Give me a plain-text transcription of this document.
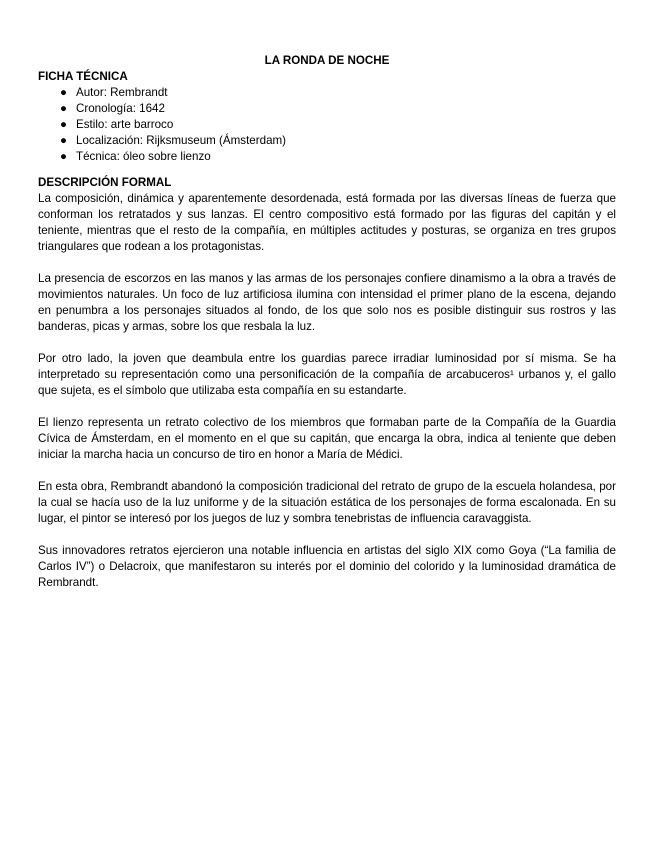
LA RONDA DE NOCHE

FICHA TÉCNICA

● Autor: Rembrandt
● Cronología: 1642
● Estilo: arte barroco
● Localización: Rijksmuseum (Ámsterdam)
● Técnica: óleo sobre lienzo

DESCRIPCIÓN FORMAL

La composición, dinámica y aparentemente desordenada, está formada por las diversas líneas de fuerza que conforman los retratados y sus lanzas. El centro compositivo está formado por las figuras del capitán y el teniente, mientras que el resto de la compañía, en múltiples actitudes y posturas, se organiza en tres grupos triangulares que rodean a los protagonistas.

La presencia de escorzos en las manos y las armas de los personajes confiere dinamismo a la obra a través de movimientos naturales. Un foco de luz artificiosa ilumina con intensidad el primer plano de la escena, dejando en penumbra a los personajes situados al fondo, de los que solo nos es posible distinguir sus rostros y las banderas, picas y armas, sobre los que resbala la luz.

Por otro lado, la joven que deambula entre los guardias parece irradiar luminosidad por sí misma. Se ha interpretado su representación como una personificación de la compañía de arcabuceros¹ urbanos y, el gallo que sujeta, es el símbolo que utilizaba esta compañía en su estandarte.

El lienzo representa un retrato colectivo de los miembros que formaban parte de la Compañía de la Guardia Cívica de Ámsterdam, en el momento en el que su capitán, que encarga la obra, indica al teniente que deben iniciar la marcha hacia un concurso de tiro en honor a María de Médici.

En esta obra, Rembrandt abandonó la composición tradicional del retrato de grupo de la escuela holandesa, por la cual se hacía uso de la luz uniforme y de la situación estática de los personajes de forma escalonada. En su lugar, el pintor se interesó por los juegos de luz y sombra tenebristas de influencia caravaggista.

Sus innovadores retratos ejercieron una notable influencia en artistas del siglo XIX como Goya (“La familia de Carlos IV”) o Delacroix, que manifestaron su interés por el dominio del colorido y la luminosidad dramática de Rembrandt.
